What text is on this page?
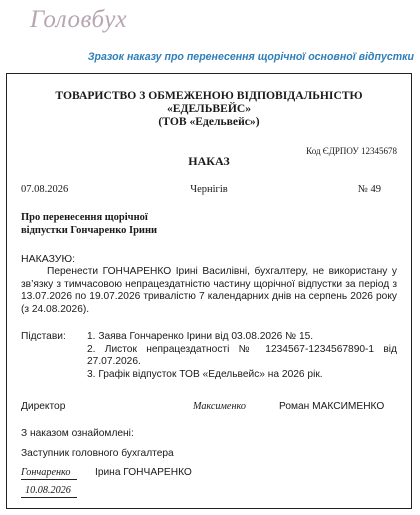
Головбух
Зразок наказу про перенесення щорічної основної відпустки
ТОВАРИСТВО З ОБМЕЖЕНОЮ ВІДПОВІДАЛЬНІСТЮ
«ЕДЕЛЬВЕЙС»
(ТОВ «Едельвейс»)
Код ЄДРПОУ 12345678
НАКАЗ
07.08.2026	Чернігів	№ 49
Про перенесення щорічної
відпустки Гончаренко Ірини
НАКАЗУЮ:
Перенести ГОНЧАРЕНКО Ірині Василівні, бухгалтеру, не використану у зв’язку з тимчасовою непрацездатністю частину щорічної відпустки за період з 13.07.2026 по 19.07.2026 тривалістю 7 календарних днів на серпень 2026 року (з 24.08.2026).
Підстави: 1. Заява Гончаренко Ірини від 03.08.2026 № 15.
2. Листок непрацездатності № 1234567-1234567890-1 від 27.07.2026.
3. Графік відпусток ТОВ «Едельвейс» на 2026 рік.
Директор	Максименко	Роман МАКСИМЕНКО
З наказом ознайомлені:
Заступник головного бухгалтера
Гончаренко	Ірина ГОНЧАРЕНКО
10.08.2026
